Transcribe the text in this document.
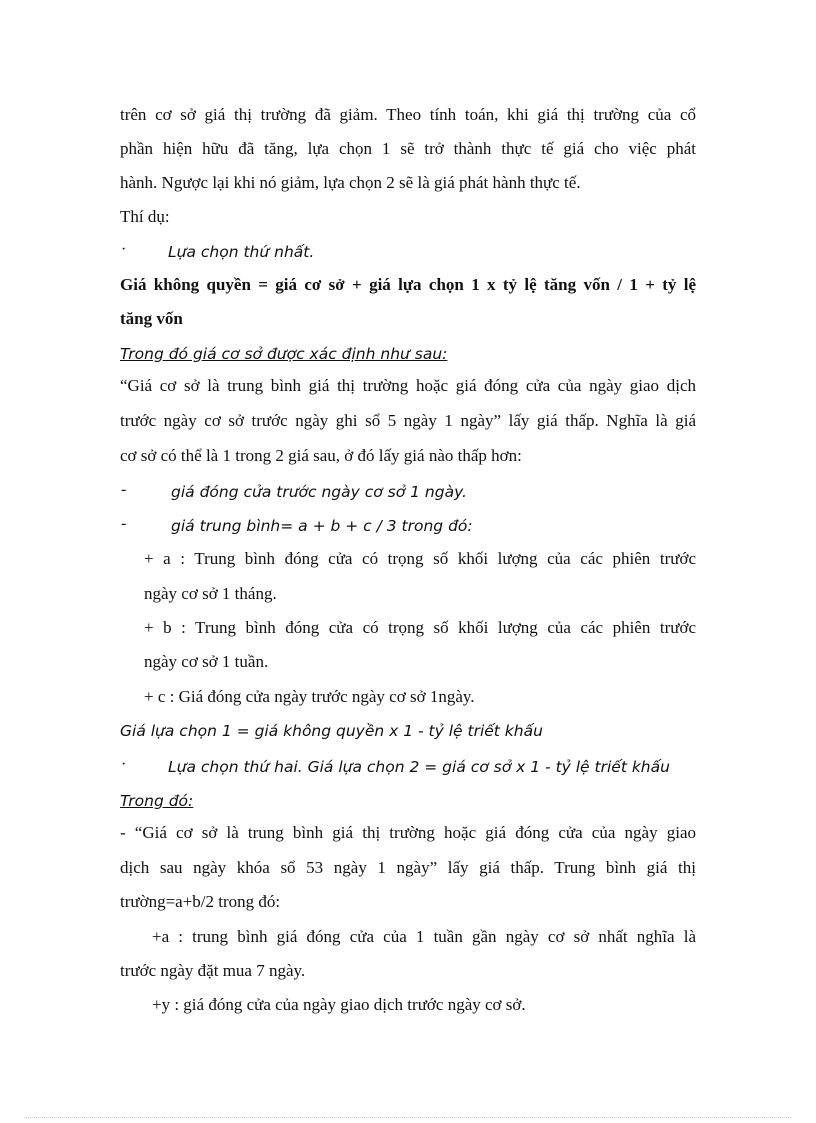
trên cơ sở giá thị trường đã giảm. Theo tính toán, khi giá thị trường của cổ
phần hiện hữu đã tăng, lựa chọn 1 sẽ trở thành thực tế giá cho việc phát
hành. Ngược lại khi nó giảm, lựa chọn 2 sẽ là giá phát hành thực tế.
Thí dụ:
·	Lựa chọn thứ nhất.
Giá không quyền = giá cơ sở + giá lựa chọn 1 x tỷ lệ tăng vốn / 1 + tỷ lệ
tăng vốn
Trong đó giá cơ sở được xác định như sau:
“Giá cơ sở là trung bình giá thị trường hoặc giá đóng cửa của ngày giao dịch
trước ngày cơ sở trước ngày ghi sổ 5 ngày 1 ngày” lấy giá thấp. Nghĩa là giá
cơ sở có thể là 1 trong 2 giá sau, ở đó lấy giá nào thấp hơn:
-	giá đóng cửa trước ngày cơ sở 1 ngày.
-	giá trung bình= a + b + c / 3 trong đó:
+ a : Trung bình đóng cửa có trọng số khối lượng của các phiên trước
ngày cơ sở 1 tháng.
+ b : Trung bình đóng cửa có trọng số khối lượng của các phiên trước
ngày cơ sở 1 tuần.
+ c : Giá đóng cửa ngày trước ngày cơ sở 1ngày.
Giá lựa chọn 1 = giá không quyền x 1 - tỷ lệ triết khấu
·	Lựa chọn thứ hai. Giá lựa chọn 2 = giá cơ sở x 1 - tỷ lệ triết khấu
Trong đó:
- “Giá cơ sở là trung bình giá thị trường hoặc giá đóng cửa của ngày giao
dịch sau ngày khóa sổ 53 ngày 1 ngày” lấy giá thấp. Trung bình giá thị
trường=a+b/2 trong đó:
+a : trung bình giá đóng cửa của 1 tuần gần ngày cơ sở nhất nghĩa là
trước ngày đặt mua 7 ngày.
+y : giá đóng cửa của ngày giao dịch trước ngày cơ sở.
